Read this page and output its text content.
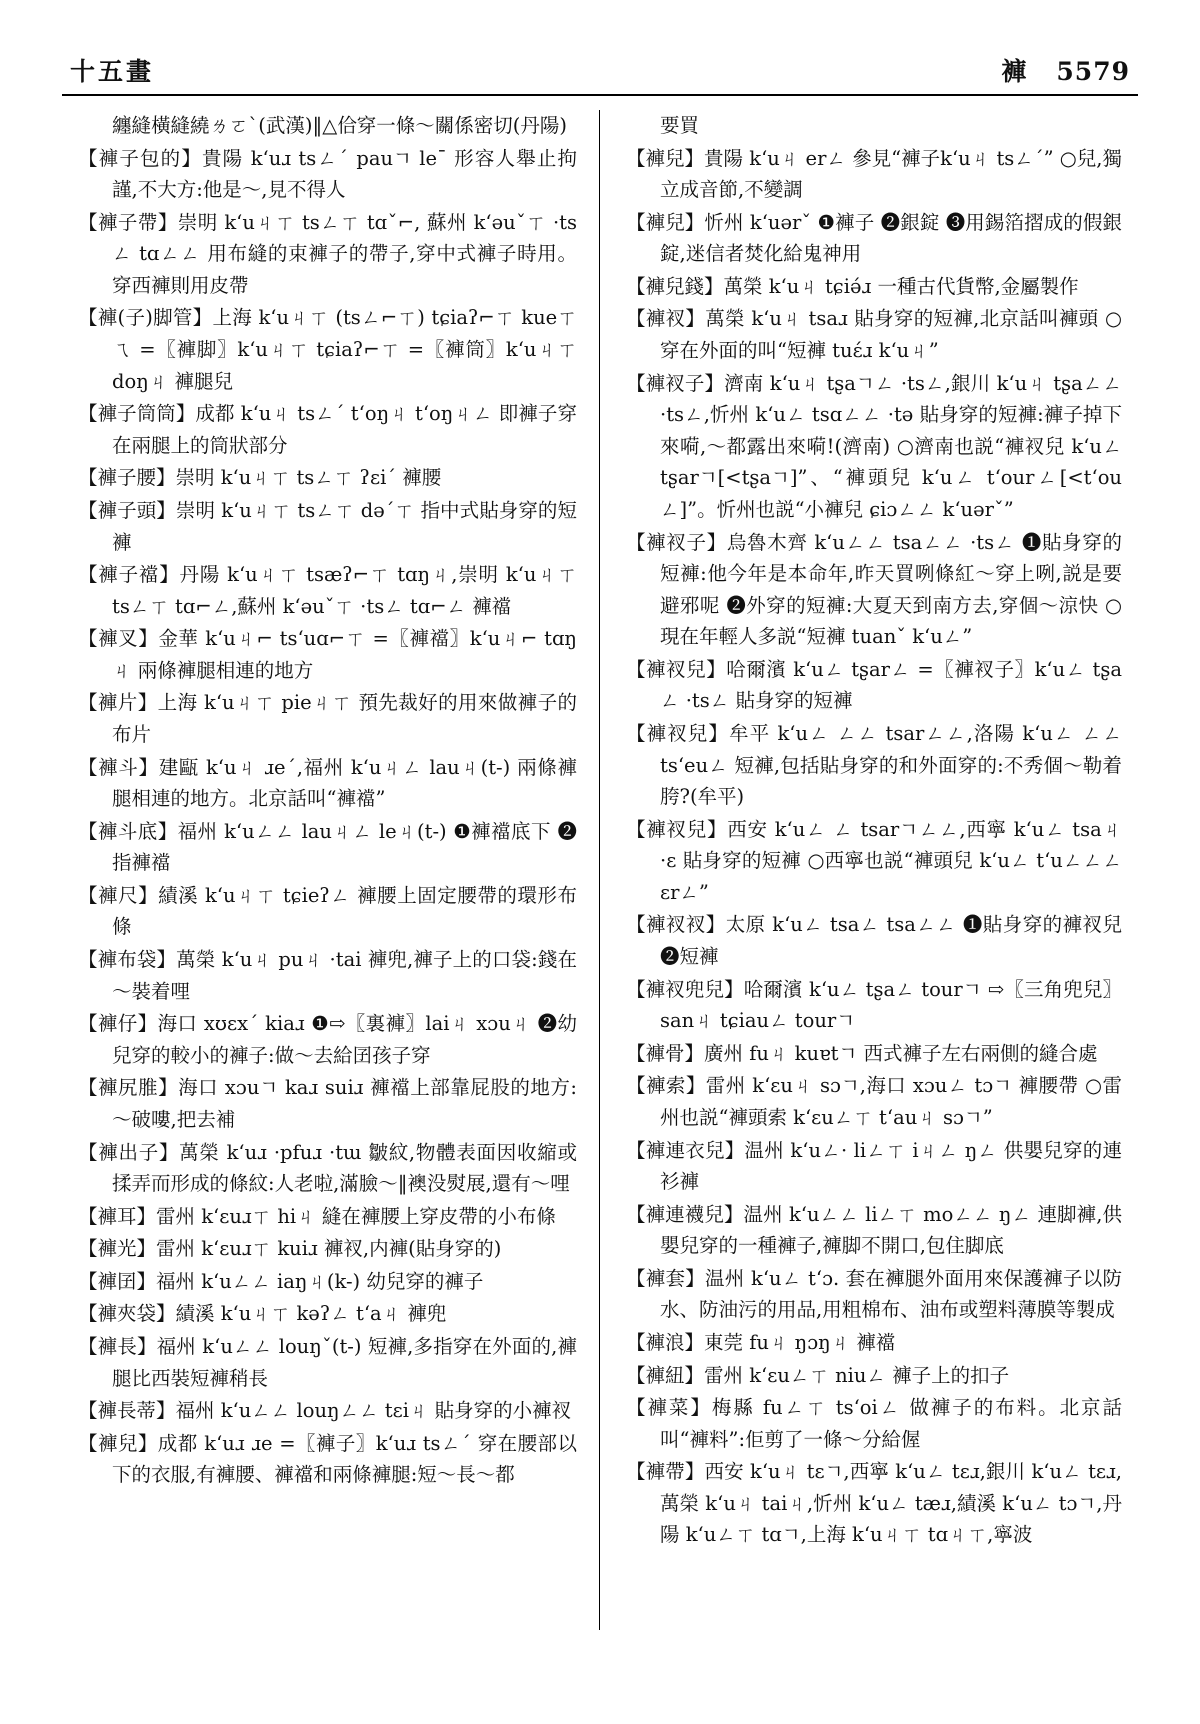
十五畫	褲 5579
纏縫橫縫繞ㄌㄛˋ(武漢)‖△佮穿一條～關係密切(丹陽)
【褲子包的】貴陽 kʻuɹ tsㄥˊ pauㄱ leˉ 形容人舉止拘謹,不大方:他是～,見不得人
【褲子帶】崇明 kʻuㄐㄒ tsㄥㄒ tɑˇ⌐, 蘇州 kʻəuˇㄒ ·tsㄥ tɑㄥㄥ 用布縫的束褲子的帶子,穿中式褲子時用。穿西褲則用皮帶
【褲(子)脚管】上海 kʻuㄐㄒ (tsㄥ⌐ㄒ) tɕiaʔ⌐ㄒ kueㄒㄟ =〖褲脚〗kʻuㄐㄒ tɕiaʔ⌐ㄒ =〖褲筒〗kʻuㄐㄒ doŋㄐ 褲腿兒
【褲子筒筒】成都 kʻuㄐ tsㄥˊ tʻoŋㄐ tʻoŋㄐㄥ 即褲子穿在兩腿上的筒狀部分
【褲子腰】崇明 kʻuㄐㄒ tsㄥㄒ ʔɛiˊ 褲腰
【褲子頭】崇明 kʻuㄐㄒ tsㄥㄒ dəˊㄒ 指中式貼身穿的短褲
【褲子襠】丹陽 kʻuㄐㄒ tsæʔ⌐ㄒ tɑŋㄐ,崇明 kʻuㄐㄒ tsㄥㄒ tɑ⌐ㄥ,蘇州 kʻəuˇㄒ ·tsㄥ tɑ⌐ㄥ 褲襠
【褲叉】金華 kʻuㄐ⌐ tsʻuɑ⌐ㄒ =〖褲襠〗kʻuㄐ⌐ tɑŋㄐ 兩條褲腿相連的地方
【褲片】上海 kʻuㄐㄒ pieㄐㄒ 預先裁好的用來做褲子的布片
【褲斗】建甌 kʻuㄐ ɹeˊ,福州 kʻuㄐㄥ lauㄐ(t-) 兩條褲腿相連的地方。北京話叫“褲襠”
【褲斗底】福州 kʻuㄥㄥ lauㄐㄥ leㄐ(t-) ❶褲襠底下 ❷指褲襠
【褲尺】績溪 kʻuㄐㄒ tɕieʔㄥ 褲腰上固定腰帶的環形布條
【褲布袋】萬榮 kʻuㄐ puㄐ ·tai 褲兜,褲子上的口袋:錢在～裝着哩
【褲仔】海口 xʊɛxˊ kiaɹ ❶⇨〖裏褲〗laiㄐ xɔuㄐ ❷幼兒穿的較小的褲子:做～去給囝孩子穿
【褲尻脽】海口 xɔuㄱ kaɹ suiɹ 褲襠上部靠屁股的地方:～破嘍,把去補
【褲出子】萬榮 kʻuɹ ·pfuɹ ·tɯ 皺紋,物體表面因收縮或揉弄而形成的條紋:人老啦,滿臉～‖襖没熨展,還有～哩
【褲耳】雷州 kʻɛuɹㄒ hiㄐ 縫在褲腰上穿皮帶的小布條
【褲光】雷州 kʻɛuɹㄒ kuiɹ 褲衩,内褲(貼身穿的)
【褲囝】福州 kʻuㄥㄥ iaŋㄐ(k-) 幼兒穿的褲子
【褲夾袋】績溪 kʻuㄐㄒ kəʔㄥ tʻaㄐ 褲兜
【褲長】福州 kʻuㄥㄥ louŋˇ(t-) 短褲,多指穿在外面的,褲腿比西裝短褲稍長
【褲長蒂】福州 kʻuㄥㄥ louŋㄥㄥ tɛiㄐ 貼身穿的小褲衩
【褲兒】成都 kʻuɹ ɹe =〖褲子〗kʻuɹ tsㄥˊ 穿在腰部以下的衣服,有褲腰、褲襠和兩條褲腿:短～長～都
要買
【褲兒】貴陽 kʻuㄐ erㄥ 參見“褲子kʻuㄐ tsㄥˊ” ○兒,獨立成音節,不變調
【褲兒】忻州 kʻuərˇ ❶褲子 ❷銀錠 ❸用錫箔摺成的假銀錠,迷信者焚化給鬼神用
【褲兒錢】萬榮 kʻuㄐ tɕiə́ɹ 一種古代貨幣,金屬製作
【褲衩】萬榮 kʻuㄐ tsaɹ 貼身穿的短褲,北京話叫褲頭 ○穿在外面的叫“短褲 tuɛ́ɹ kʻuㄐ”
【褲衩子】濟南 kʻuㄐ tʂaㄱㄥ ·tsㄥ,銀川 kʻuㄐ tʂaㄥㄥ ·tsㄥ,忻州 kʻuㄥ tsɑㄥㄥ ·tə 貼身穿的短褲:褲子掉下來嗬,～都露出來嗬!(濟南) ○濟南也説“褲衩兒 kʻuㄥ tʂarㄱ[<tʂaㄱ]”、“褲頭兒 kʻuㄥ tʻourㄥ[<tʻouㄥ]”。忻州也説“小褲兒 ɕiɔㄥㄥ kʻuərˇ”
【褲衩子】烏魯木齊 kʻuㄥㄥ tsaㄥㄥ ·tsㄥ ❶貼身穿的短褲:他今年是本命年,昨天買咧條紅～穿上咧,説是要避邪呢 ❷外穿的短褲:大夏天到南方去,穿個～涼快 ○現在年輕人多説“短褲 tuanˇ kʻuㄥ”
【褲衩兒】哈爾濱 kʻuㄥ tʂarㄥ =〖褲衩子〗kʻuㄥ tʂaㄥ ·tsㄥ 貼身穿的短褲
【褲衩兒】牟平 kʻuㄥ ㄥㄥ tsarㄥㄥ,洛陽 kʻuㄥ ㄥㄥ tsʻeuㄥ 短褲,包括貼身穿的和外面穿的:不秀個～勒着胯?(牟平)
【褲衩兒】西安 kʻuㄥ ㄥ tsarㄱㄥㄥ,西寧 kʻuㄥ tsaㄐ ·ɛ 貼身穿的短褲 ○西寧也説“褲頭兒 kʻuㄥ tʻuㄥㄥㄥ ɛrㄥ”
【褲衩衩】太原 kʻuㄥ tsaㄥ tsaㄥㄥ ❶貼身穿的褲衩兒 ❷短褲
【褲衩兜兒】哈爾濱 kʻuㄥ tʂaㄥ tourㄱ ⇨〖三角兜兒〗sanㄐ tɕiauㄥ tourㄱ
【褲骨】廣州 fuㄐ kuɐtㄱ 西式褲子左右兩側的縫合處
【褲索】雷州 kʻɛuㄐ sɔㄱ,海口 xɔuㄥ tɔㄱ 褲腰帶 ○雷州也説“褲頭索 kʻɛuㄥㄒ tʻauㄐ sɔㄱ”
【褲連衣兒】温州 kʻuㄥ· liㄥㄒ iㄐㄥ ŋㄥ 供嬰兒穿的連衫褲
【褲連襪兒】温州 kʻuㄥㄥ liㄥㄒ moㄥㄥ ŋㄥ 連脚褲,供嬰兒穿的一種褲子,褲脚不開口,包住脚底
【褲套】温州 kʻuㄥ tʻɔ. 套在褲腿外面用來保護褲子以防水、防油污的用品,用粗棉布、油布或塑料薄膜等製成
【褲浪】東莞 fuㄐ ŋɔŋㄐ 褲襠
【褲紐】雷州 kʻɛuㄥㄒ niuㄥ 褲子上的扣子
【褲菜】梅縣 fuㄥㄒ tsʻoiㄥ 做褲子的布料。北京話叫“褲料”:佢剪了一條～分給偓
【褲帶】西安 kʻuㄐ tɛㄱ,西寧 kʻuㄥ tɛɹ,銀川 kʻuㄥ tɛɹ,萬榮 kʻuㄐ taiㄐ,忻州 kʻuㄥ tæɹ,績溪 kʻuㄥ tɔㄱ,丹陽 kʻuㄥㄒ tɑㄱ,上海 kʻuㄐㄒ tɑㄐㄒ,寧波
